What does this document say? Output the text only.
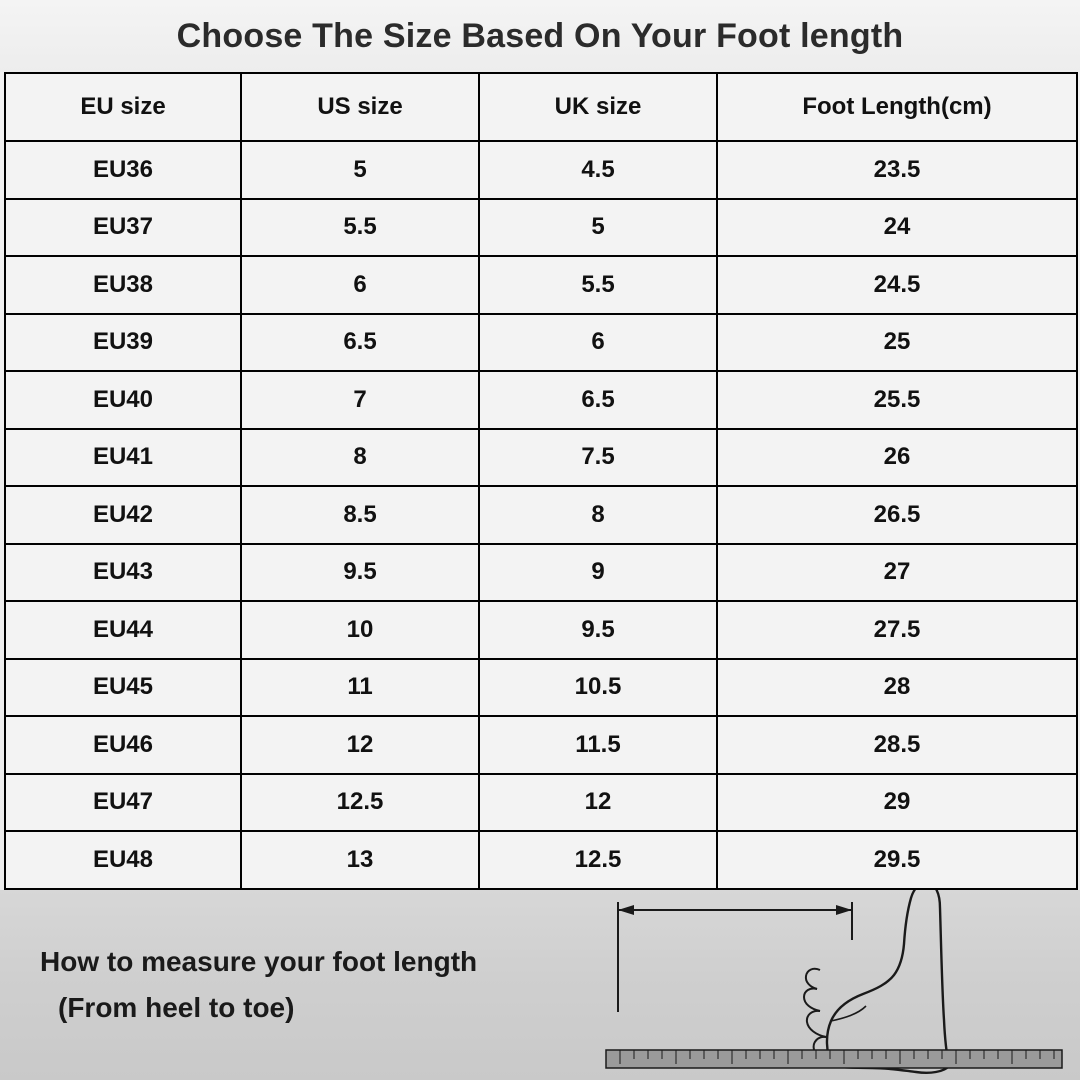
Choose The Size Based On Your Foot length
EU size	US size	UK size	Foot Length(cm)
EU36	5	4.5	23.5
EU37	5.5	5	24
EU38	6	5.5	24.5
EU39	6.5	6	25
EU40	7	6.5	25.5
EU41	8	7.5	26
EU42	8.5	8	26.5
EU43	9.5	9	27
EU44	10	9.5	27.5
EU45	11	10.5	28
EU46	12	11.5	28.5
EU47	12.5	12	29
EU48	13	12.5	29.5
How to measure your foot length
(From heel to toe)
